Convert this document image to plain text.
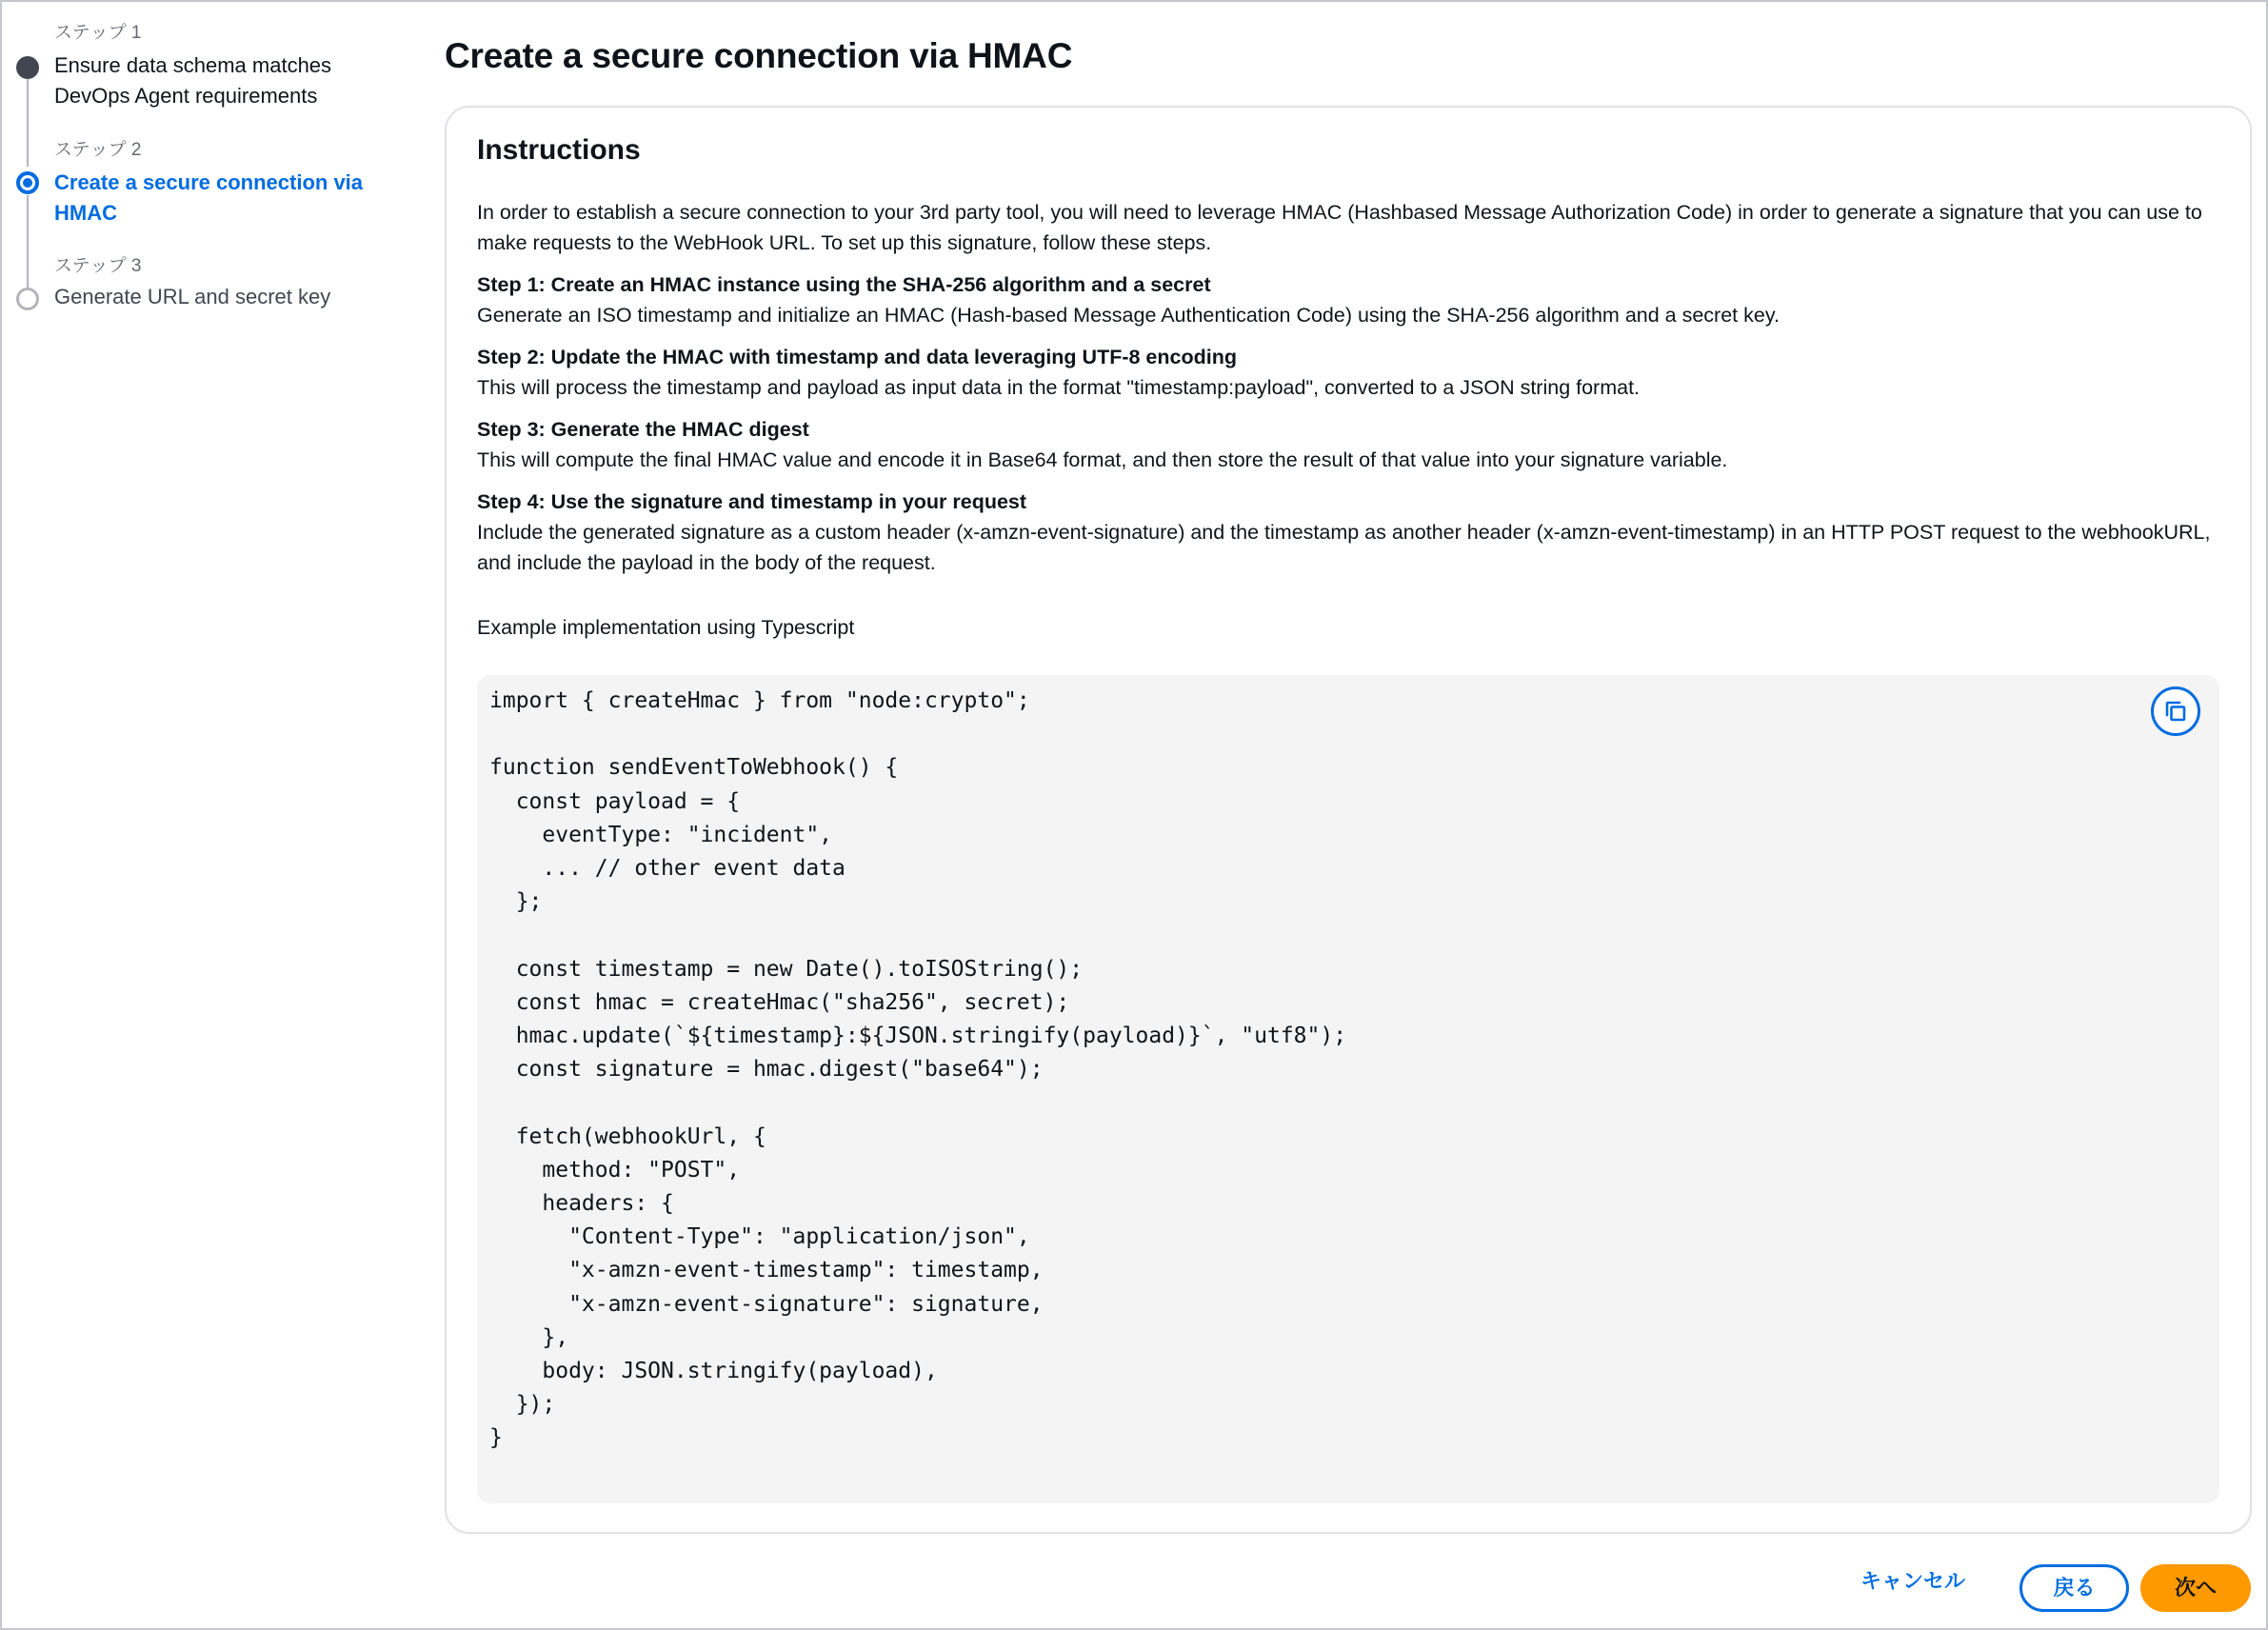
ステップ 1
Ensure data schema matches DevOps Agent requirements
ステップ 2
Create a secure connection via HMAC
ステップ 3
Generate URL and secret key
Create a secure connection via HMAC
Instructions

In order to establish a secure connection to your 3rd party tool, you will need to leverage HMAC (Hashbased Message Authorization Code) in order to generate a signature that you can use to make requests to the WebHook URL. To set up this signature, follow these steps.

Step 1: Create an HMAC instance using the SHA-256 algorithm and a secret

Generate an ISO timestamp and initialize an HMAC (Hash-based Message Authentication Code) using the SHA-256 algorithm and a secret key.

Step 2: Update the HMAC with timestamp and data leveraging UTF-8 encoding

This will process the timestamp and payload as input data in the format "timestamp:payload", converted to a JSON string format.

Step 3: Generate the HMAC digest

This will compute the final HMAC value and encode it in Base64 format, and then store the result of that value into your signature variable.

Step 4: Use the signature and timestamp in your request

Include the generated signature as a custom header (x-amzn-event-signature) and the timestamp as another header (x-amzn-event-timestamp) in an HTTP POST request to the webhookURL, and include the payload in the body of the request.

Example implementation using Typescript

import { createHmac } from "node:crypto";

function sendEventToWebhook() {
const payload = {
eventType: "incident",
... // other event data
};

const timestamp = new Date().toISOString();
const hmac = createHmac("sha256", secret);
hmac.update(`${timestamp}:${JSON.stringify(payload)}`, "utf8");
const signature = hmac.digest("base64");

fetch(webhookUrl, {
method: "POST",
headers: {
"Content-Type": "application/json",
"x-amzn-event-timestamp": timestamp,
"x-amzn-event-signature": signature,
},
body: JSON.stringify(payload),
});
}
キャンセル	戻る	次へ
